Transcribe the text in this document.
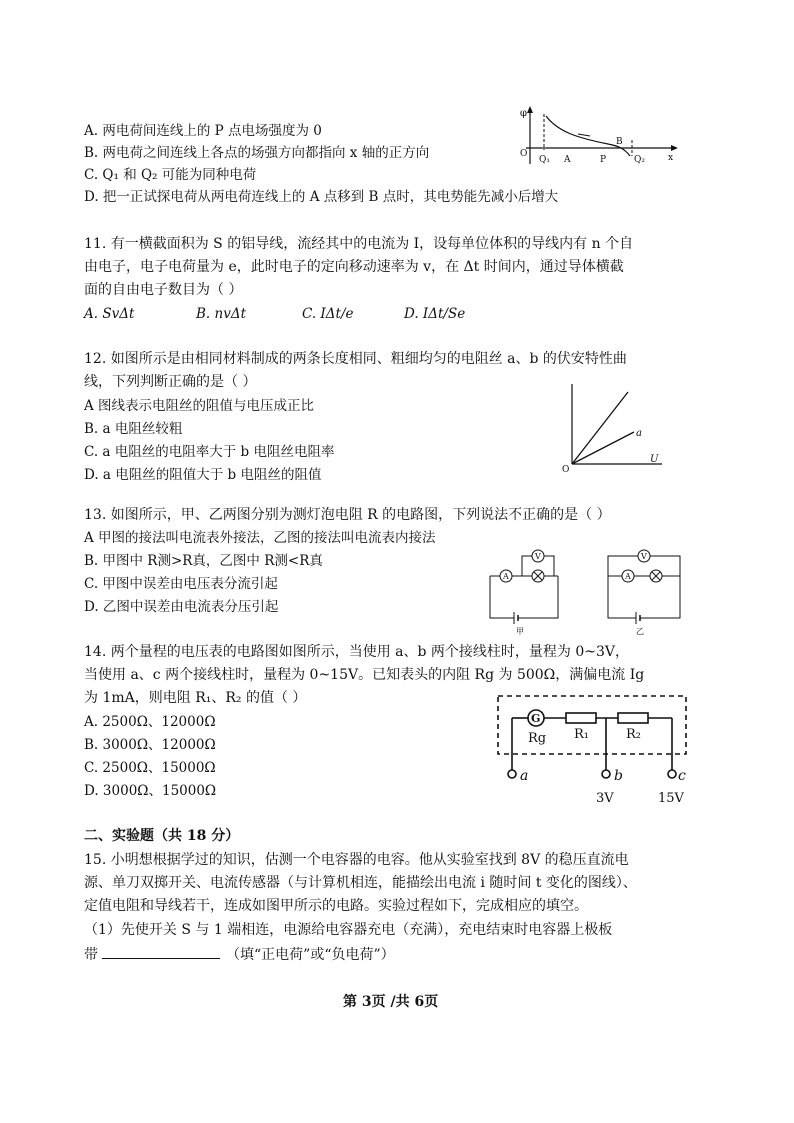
A. 两电荷间连线上的 P 点电场强度为 0
B. 两电荷之间连线上各点的场强方向都指向 x 轴的正方向
C. Q₁ 和 Q₂ 可能为同种电荷
D. 把一正试探电荷从两电荷连线上的 A 点移到 B 点时，其电势能先减小后增大
φ
O
Q₁ A	P
B
Q₂	x
11. 有一横截面积为 S 的铝导线，流经其中的电流为 I，设每单位体积的导线内有 n 个自
由电子，电子电荷量为 e，此时电子的定向移动速率为 v，在 Δt 时间内，通过导体横截
面的自由电子数目为（ ）
A. SvΔt	B. nvΔt	C. IΔt/e	D. IΔt/Se
12. 如图所示是由相同材料制成的两条长度相同、粗细均匀的电阻丝 a、b 的伏安特性曲
线，下列判断正确的是（ ）
A 图线表示电阻丝的阻值与电压成正比
B. a 电阻丝较粗
C. a 电阻丝的电阻率大于 b 电阻丝电阻率
D. a 电阻丝的阻值大于 b 电阻丝的阻值
a
U
O
13. 如图所示，甲、乙两图分别为测灯泡电阻 R 的电路图，下列说法不正确的是（ ）
A 甲图的接法叫电流表外接法，乙图的接法叫电流表内接法
B. 甲图中 R测>R真，乙图中 R测<R真
C. 甲图中误差由电压表分流引起
D. 乙图中误差由电流表分压引起
A
V
甲
A
V
乙
14. 两个量程的电压表的电路图如图所示，当使用 a、b 两个接线柱时，量程为 0~3V，
当使用 a、c 两个接线柱时，量程为 0~15V。已知表头的内阻 Rg 为 500Ω，满偏电流 Ig
为 1mA，则电阻 R₁、R₂ 的值（ ）
A. 2500Ω、12000Ω
B. 3000Ω、12000Ω
C. 2500Ω、15000Ω
D. 3000Ω、15000Ω
G
Rg R₁	R₂
a	b	c
3V	15V
二、实验题（共 18 分）
15. 小明想根据学过的知识，估测一个电容器的电容。他从实验室找到 8V 的稳压直流电
源、单刀双掷开关、电流传感器（与计算机相连，能描绘出电流 i 随时间 t 变化的图线）、
定值电阻和导线若干，连成如图甲所示的电路。实验过程如下，完成相应的填空。
（1）先使开关 S 与 1 端相连，电源给电容器充电（充满），充电结束时电容器上极板
带	（填“正电荷”或“负电荷”）
第 3页 /共 6页
